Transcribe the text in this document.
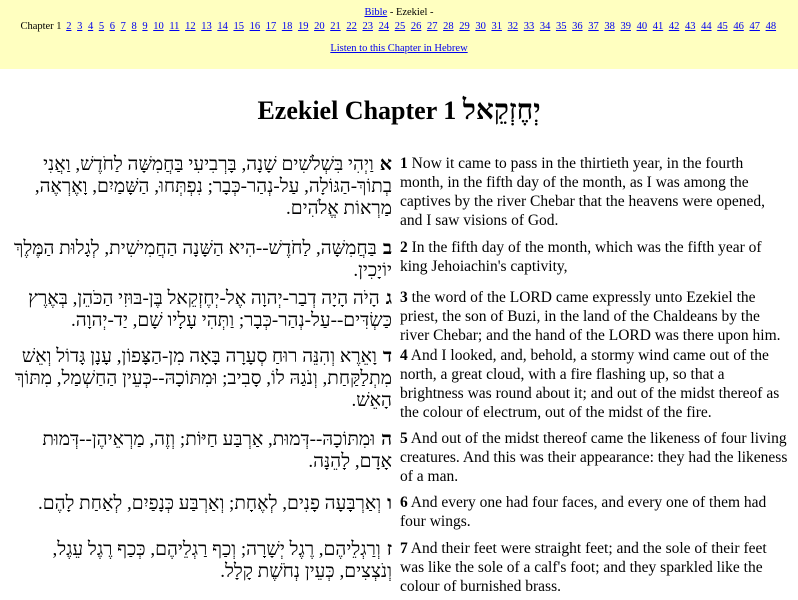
Bible - Ezekiel -
Chapter 1 2 3 4 5 6 7 8 9 10 11 12 13 14 15 16 17 18 19 20 21 22 23 24 25 26 27 28 29 30 31 32 33 34 35 36 37 38 39 40 41 42 43 44 45 46 47 48
Listen to this Chapter in Hebrew
Ezekiel Chapter 1 יְחֶזְקֵאל
אוַיְהִי בִּשְׁלֹשִׁים שָׁנָה, בָּרְבִיעִי בַּחֲמִשָּׁה לַחֹדֶשׁ, וַאֲנִי בְתוֹךְ-הַגּוֹלָה, עַל-נְהַר-כְּבָר; נִפְתְּחוּ, הַשָּׁמַיִם, וָאֶרְאֶה, מַרְאוֹת אֱלֹהִים.
1 Now it came to pass in the thirtieth year, in the fourth month, in the fifth day of the month, as I was among the captives by the river Chebar that the heavens were opened, and I saw visions of God.
בבַּחֲמִשָּׁה, לַחֹדֶשׁ--הִיא הַשָּׁנָה הַחֲמִישִׁית, לְגָלוּת הַמֶּלֶךְ יוֹיָכִין.
2 In the fifth day of the month, which was the fifth year of king Jehoiachin's captivity,
גהָיֹה הָיָה דְבַר-יְהוָה אֶל-יְחֶזְקֵאל בֶּן-בּוּזִי הַכֹּהֵן, בְּאֶרֶץ כַּשְׂדִּים--עַל-נְהַר-כְּבָר; וַתְּהִי עָלָיו שָׁם, יַד-יְהוָה.
3 the word of the LORD came expressly unto Ezekiel the priest, the son of Buzi, in the land of the Chaldeans by the river Chebar; and the hand of the LORD was there upon him.
דוָאֵרֶא וְהִנֵּה רוּחַ סְעָרָה בָּאָה מִן-הַצָּפוֹן, עָנָן גָּדוֹל וְאֵשׁ מִתְלַקַּחַת, וְנֹגַהּ לוֹ, סָבִיב; וּמִתּוֹכָהּ--כְּעֵין הַחַשְׁמַל, מִתּוֹךְ הָאֵשׁ.
4 And I looked, and, behold, a stormy wind came out of the north, a great cloud, with a fire flashing up, so that a brightness was round about it; and out of the midst thereof as the colour of electrum, out of the midst of the fire.
הוּמִתּוֹכָהּ--דְּמוּת, אַרְבַּע חַיּוֹת; וְזֶה, מַרְאֵיהֶן--דְּמוּת אָדָם, לָהֵנָּה.
5 And out of the midst thereof came the likeness of four living creatures. And this was their appearance: they had the likeness of a man.
ווְאַרְבָּעָה פָנִים, לְאֶחָת; וְאַרְבַּע כְּנָפַיִם, לְאַחַת לָהֶם.	6 And every one had four faces, and every one of them had four wings.
זוְרַגְלֵיהֶם, רֶגֶל יְשָׁרָה; וְכַף רַגְלֵיהֶם, כְּכַף רֶגֶל עֵגֶל, וְנֹצְצִים, כְּעֵין נְחֹשֶׁת קָלָל.
7 And their feet were straight feet; and the sole of their feet was like the sole of a calf's foot; and they sparkled like the colour of burnished brass.
